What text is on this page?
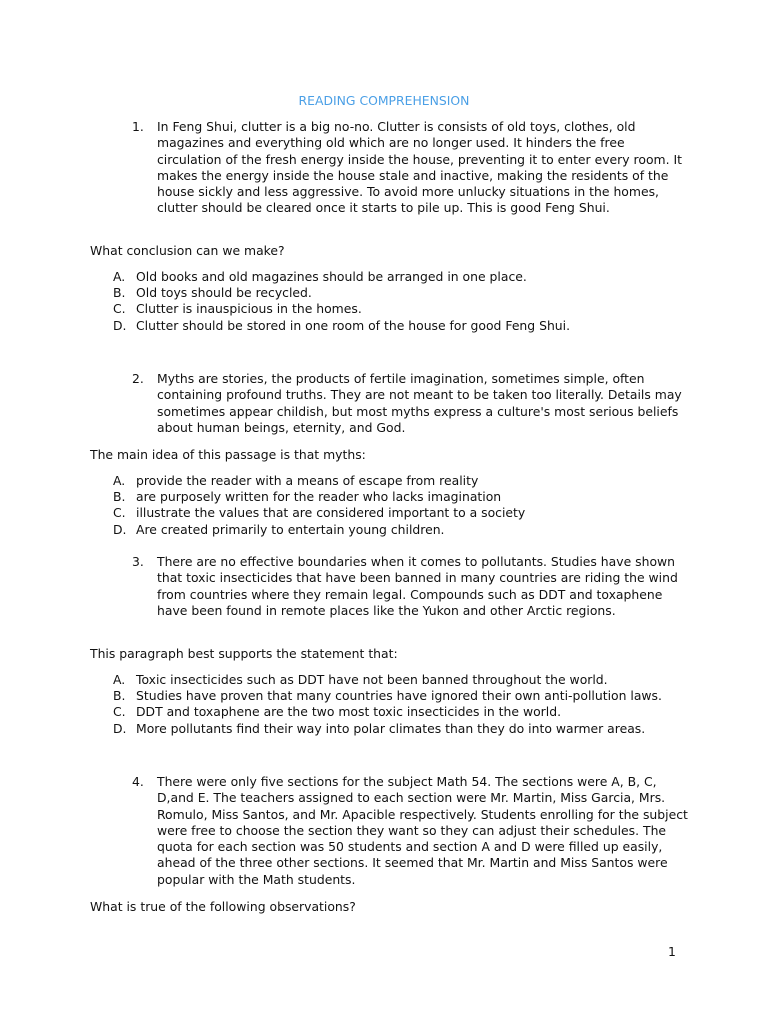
READING COMPREHENSION
1. In Feng Shui, clutter is a big no-no. Clutter is consists of old toys, clothes, old magazines and everything old which are no longer used. It hinders the free circulation of the fresh energy inside the house, preventing it to enter every room. It makes the energy inside the house stale and inactive, making the residents of the house sickly and less aggressive. To avoid more unlucky situations in the homes, clutter should be cleared once it starts to pile up. This is good Feng Shui.

What conclusion can we make?

A. Old books and old magazines should be arranged in one place.
B. Old toys should be recycled.
C. Clutter is inauspicious in the homes.
D. Clutter should be stored in one room of the house for good Feng Shui.
2. Myths are stories, the products of fertile imagination, sometimes simple, often containing profound truths. They are not meant to be taken too literally. Details may sometimes appear childish, but most myths express a culture's most serious beliefs about human beings, eternity, and God.

The main idea of this passage is that myths:

A. provide the reader with a means of escape from reality
B. are purposely written for the reader who lacks imagination
C. illustrate the values that are considered important to a society
D. Are created primarily to entertain young children.
3. There are no effective boundaries when it comes to pollutants. Studies have shown that toxic insecticides that have been banned in many countries are riding the wind from countries where they remain legal. Compounds such as DDT and toxaphene have been found in remote places like the Yukon and other Arctic regions.

This paragraph best supports the statement that:

A. Toxic insecticides such as DDT have not been banned throughout the world.
B. Studies have proven that many countries have ignored their own anti-pollution laws.
C. DDT and toxaphene are the two most toxic insecticides in the world.
D. More pollutants find their way into polar climates than they do into warmer areas.
4. There were only five sections for the subject Math 54. The sections were A, B, C, D,and E. The teachers assigned to each section were Mr. Martin, Miss Garcia, Mrs. Romulo, Miss Santos, and Mr. Apacible respectively. Students enrolling for the subject were free to choose the section they want so they can adjust their schedules. The quota for each section was 50 students and section A and D were filled up easily, ahead of the three other sections. It seemed that Mr. Martin and Miss Santos were popular with the Math students.

What is true of the following observations?

1
